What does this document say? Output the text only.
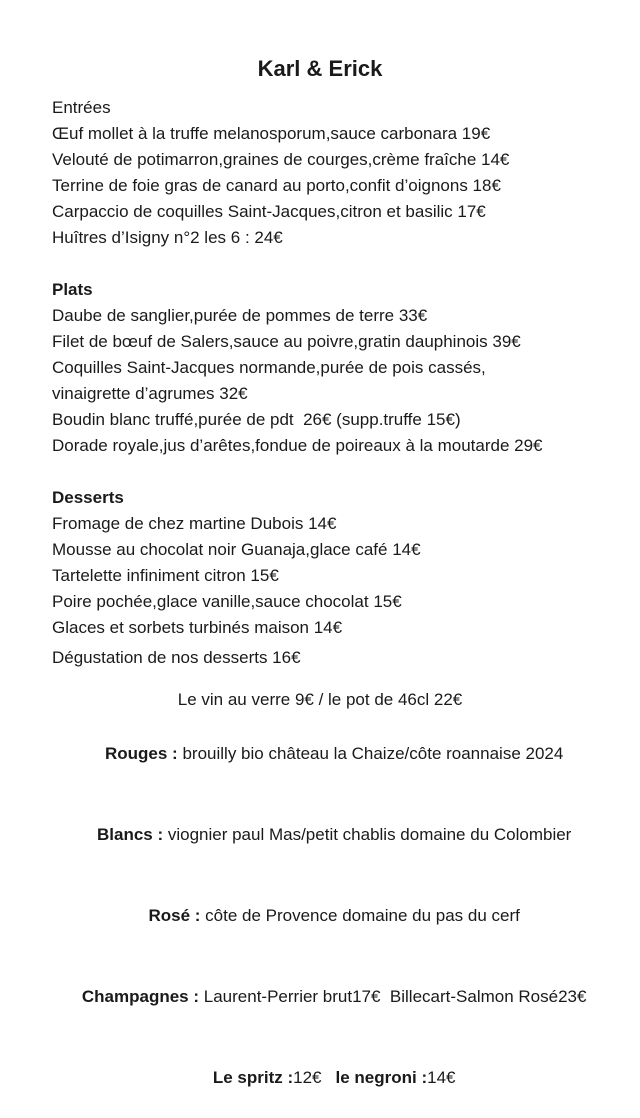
Karl & Erick
Entrées
Œuf mollet à la truffe melanosporum,sauce carbonara 19€
Velouté de potimarron,graines de courges,crème fraîche 14€
Terrine de foie gras de canard au porto,confit d’oignons 18€
Carpaccio de coquilles Saint-Jacques,citron et basilic 17€
Huîtres d’Isigny n°2 les 6 : 24€
Plats
Daube de sanglier,purée de pommes de terre 33€
Filet de bœuf de Salers,sauce au poivre,gratin dauphinois 39€
Coquilles Saint-Jacques normande,purée de pois cassés,
vinaigrette d’agrumes 32€
Boudin blanc truffé,purée de pdt  26€ (supp.truffe 15€)
Dorade royale,jus d’arêtes,fondue de poireaux à la moutarde 29€
Desserts
Fromage de chez martine Dubois 14€
Mousse au chocolat noir Guanaja,glace café 14€
Tartelette infiniment citron 15€
Poire pochée,glace vanille,sauce chocolat 15€
Glaces et sorbets turbinés maison 14€
Dégustation de nos desserts 16€
Le vin au verre 9€ / le pot de 46cl 22€

Rouges : brouilly bio château la Chaize/côte roannaise 2024

Blancs : viognier paul Mas/petit chablis domaine du Colombier

Rosé : côte de Provence domaine du pas du cerf

Champagnes : Laurent-Perrier brut17€  Billecart-Salmon Rosé23€

Le spritz :12€ le negroni :14€
